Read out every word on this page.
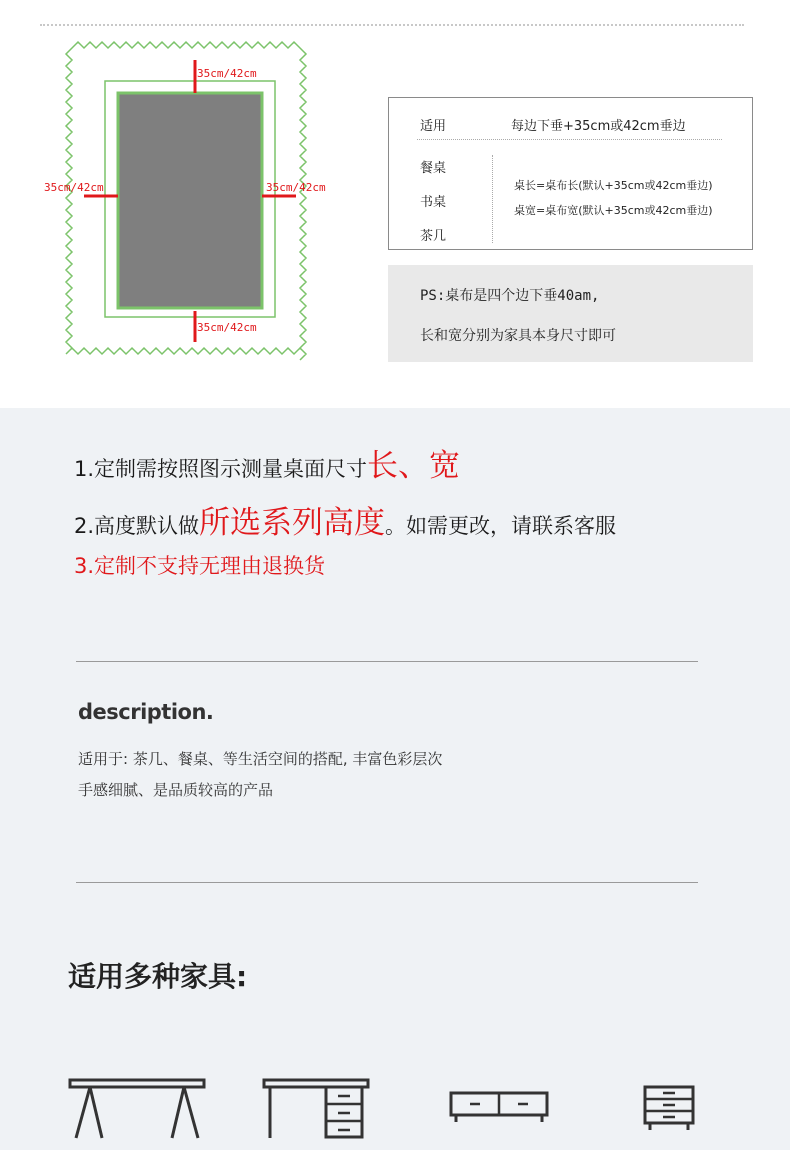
35cm/42cm
35cm/42cm	35cm/42cm
35cm/42cm
适用	每边下垂+35cm或42cm垂边
餐桌
书桌
茶几
桌长=桌布长(默认+35cm或42cm垂边)
桌宽=桌布宽(默认+35cm或42cm垂边)
PS:桌布是四个边下垂40am,
长和宽分别为家具本身尺寸即可
1.定制需按照图示测量桌面尺寸长、宽
2.高度默认做所选系列高度。如需更改，请联系客服
3.定制不支持无理由退换货
description.
适用于: 茶几、餐桌、等生活空间的搭配, 丰富色彩层次
手感细腻、是品质较高的产品
适用多种家具:
